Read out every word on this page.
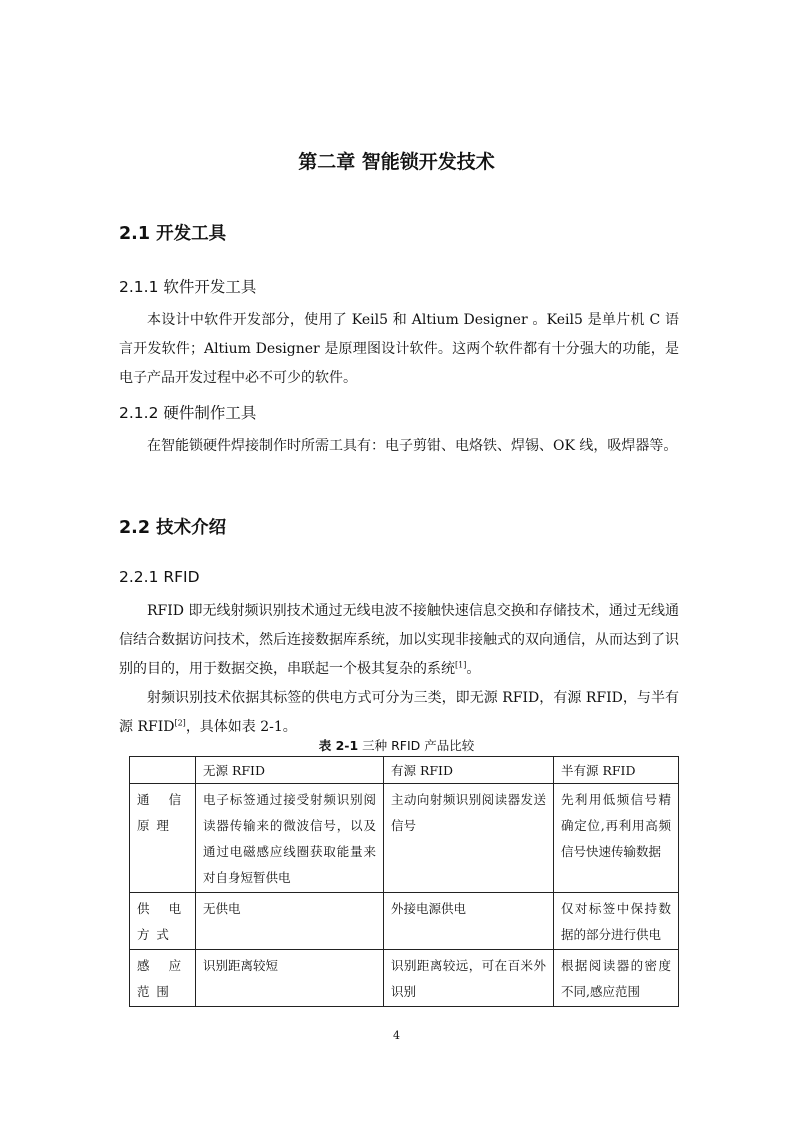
第二章 智能锁开发技术
2.1 开发工具
2.1.1 软件开发工具
本设计中软件开发部分，使用了 Keil5 和 Altium Designer 。Keil5 是单片机 C 语言开发软件；Altium Designer 是原理图设计软件。这两个软件都有十分强大的功能，是电子产品开发过程中必不可少的软件。
2.1.2 硬件制作工具
在智能锁硬件焊接制作时所需工具有：电子剪钳、电烙铁、焊锡、OK 线，吸焊器等。
2.2 技术介绍
2.2.1 RFID

RFID 即无线射频识别技术通过无线电波不接触快速信息交换和存储技术，通过无线通信结合数据访问技术，然后连接数据库系统，加以实现非接触式的双向通信，从而达到了识别的目的，用于数据交换，串联起一个极其复杂的系统[1]。

射频识别技术依据其标签的供电方式可分为三类，即无源 RFID，有源 RFID，与半有源 RFID[2]，具体如表 2-1。

表 2-1 三种 RFID 产品比较
	无源 RFID	有源 RFID	半有源 RFID
通信原理	电子标签通过接受射频识别阅读器传输来的微波信号，以及通过电磁感应线圈获取能量来对自身短暂供电	主动向射频识别阅读器发送信号	先利用低频信号精确定位,再利用高频信号快速传输数据
供电方式	无供电	外接电源供电	仅对标签中保持数据的部分进行供电
感应范围	识别距离较短	识别距离较远，可在百米外识别	根据阅读器的密度不同,感应范围
4
